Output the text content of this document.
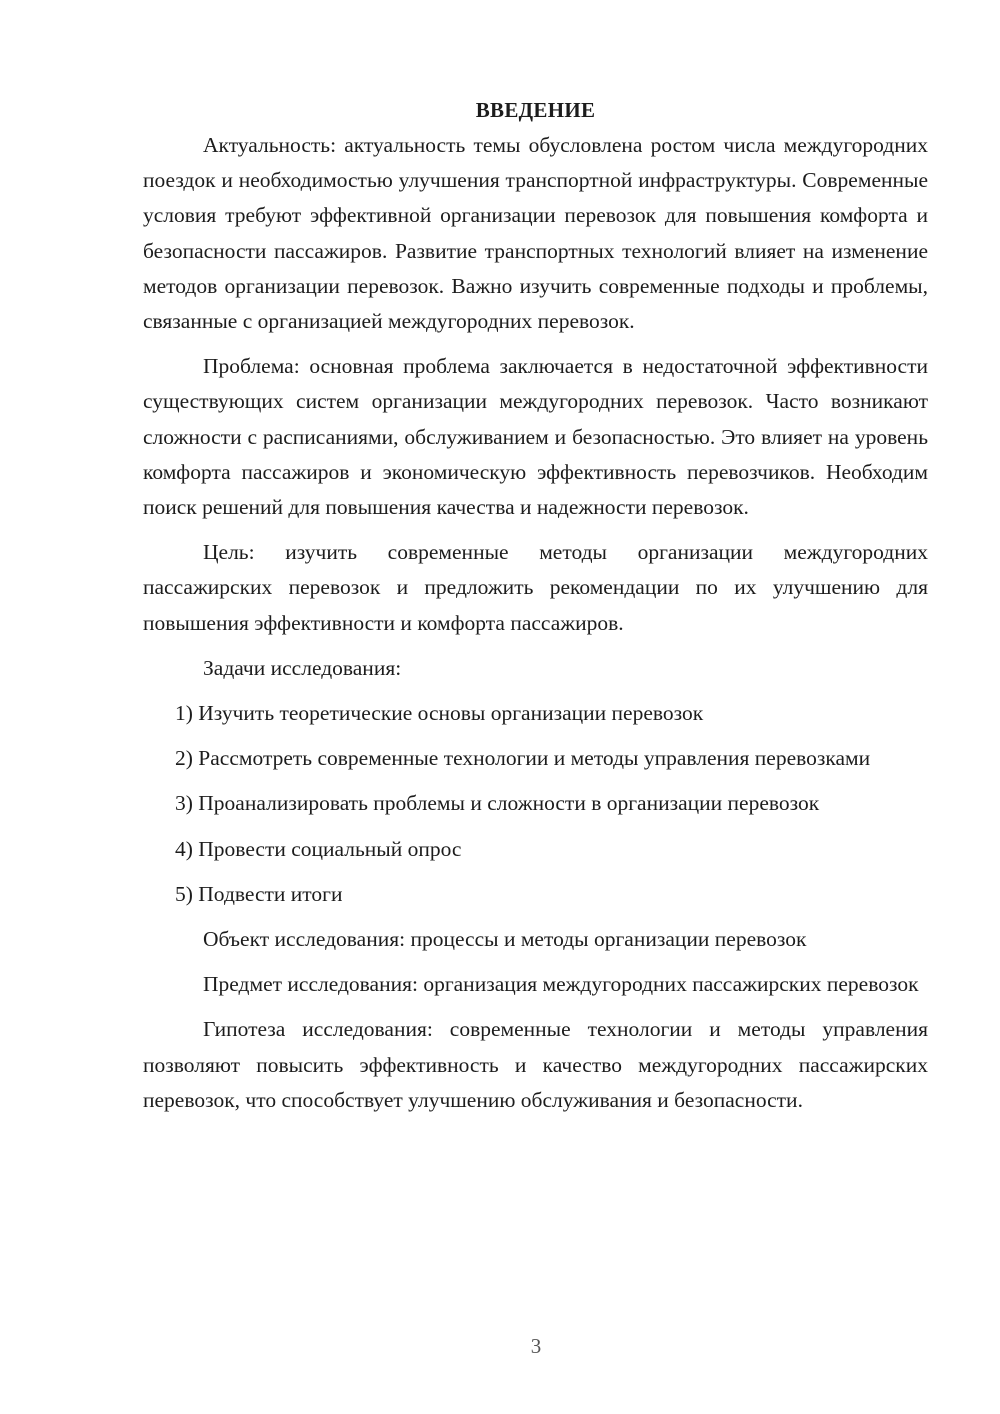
ВВЕДЕНИЕ

Актуальность: актуальность темы обусловлена ростом числа междугородних поездок и необходимостью улучшения транспортной инфраструктуры. Современные условия требуют эффективной организации перевозок для повышения комфорта и безопасности пассажиров. Развитие транспортных технологий влияет на изменение методов организации перевозок. Важно изучить современные подходы и проблемы, связанные с организацией междугородних перевозок.

Проблема: основная проблема заключается в недостаточной эффективности существующих систем организации междугородних перевозок. Часто возникают сложности с расписаниями, обслуживанием и безопасностью. Это влияет на уровень комфорта пассажиров и экономическую эффективность перевозчиков. Необходим поиск решений для повышения качества и надежности перевозок.

Цель: изучить современные методы организации междугородних пассажирских перевозок и предложить рекомендации по их улучшению для повышения эффективности и комфорта пассажиров.

Задачи исследования:

1) Изучить теоретические основы организации перевозок

2) Рассмотреть современные технологии и методы управления перевозками

3) Проанализировать проблемы и сложности в организации перевозок

4) Провести социальный опрос

5) Подвести итоги

Объект исследования: процессы и методы организации перевозок

Предмет исследования: организация междугородних пассажирских перевозок

Гипотеза исследования: современные технологии и методы управления позволяют повысить эффективность и качество междугородних пассажирских перевозок, что способствует улучшению обслуживания и безопасности.

3
